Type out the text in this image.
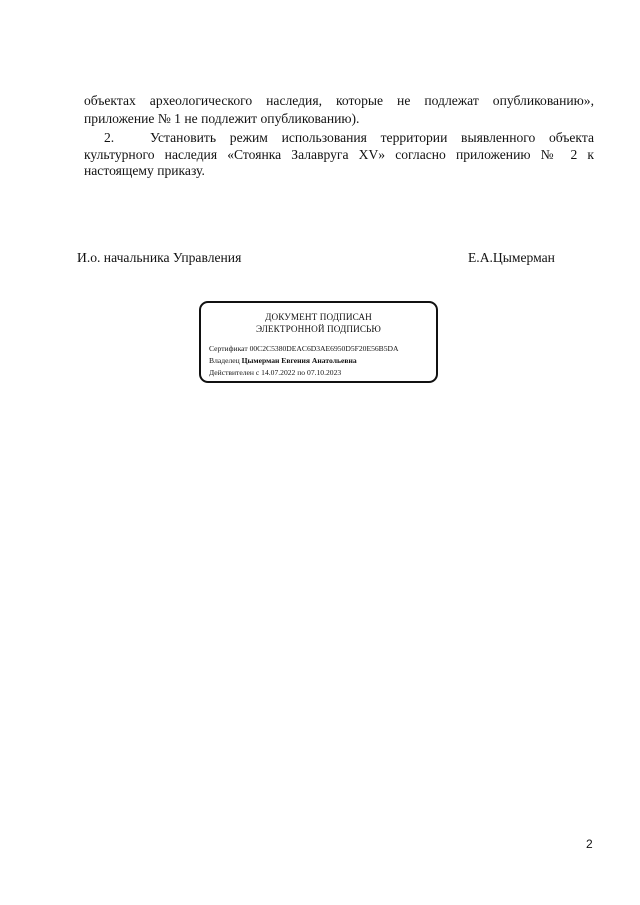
объектах археологического наследия, которые не подлежат опубликованию»,
приложение № 1 не подлежит опубликованию).
2.	Установить режим использования территории выявленного объекта
культурного наследия «Стоянка Залавруга XV» согласно приложению № 2 к
настоящему приказу.
И.о. начальника Управления	Е.А.Цымерман
ДОКУМЕНТ ПОДПИСАН
ЭЛЕКТРОННОЙ ПОДПИСЬЮ
Сертификат 00C2C5380DEAC6D3AE6950D5F20E56B5DA
Владелец Цымерман Евгения Анатольевна
Действителен с 14.07.2022 по 07.10.2023
2
